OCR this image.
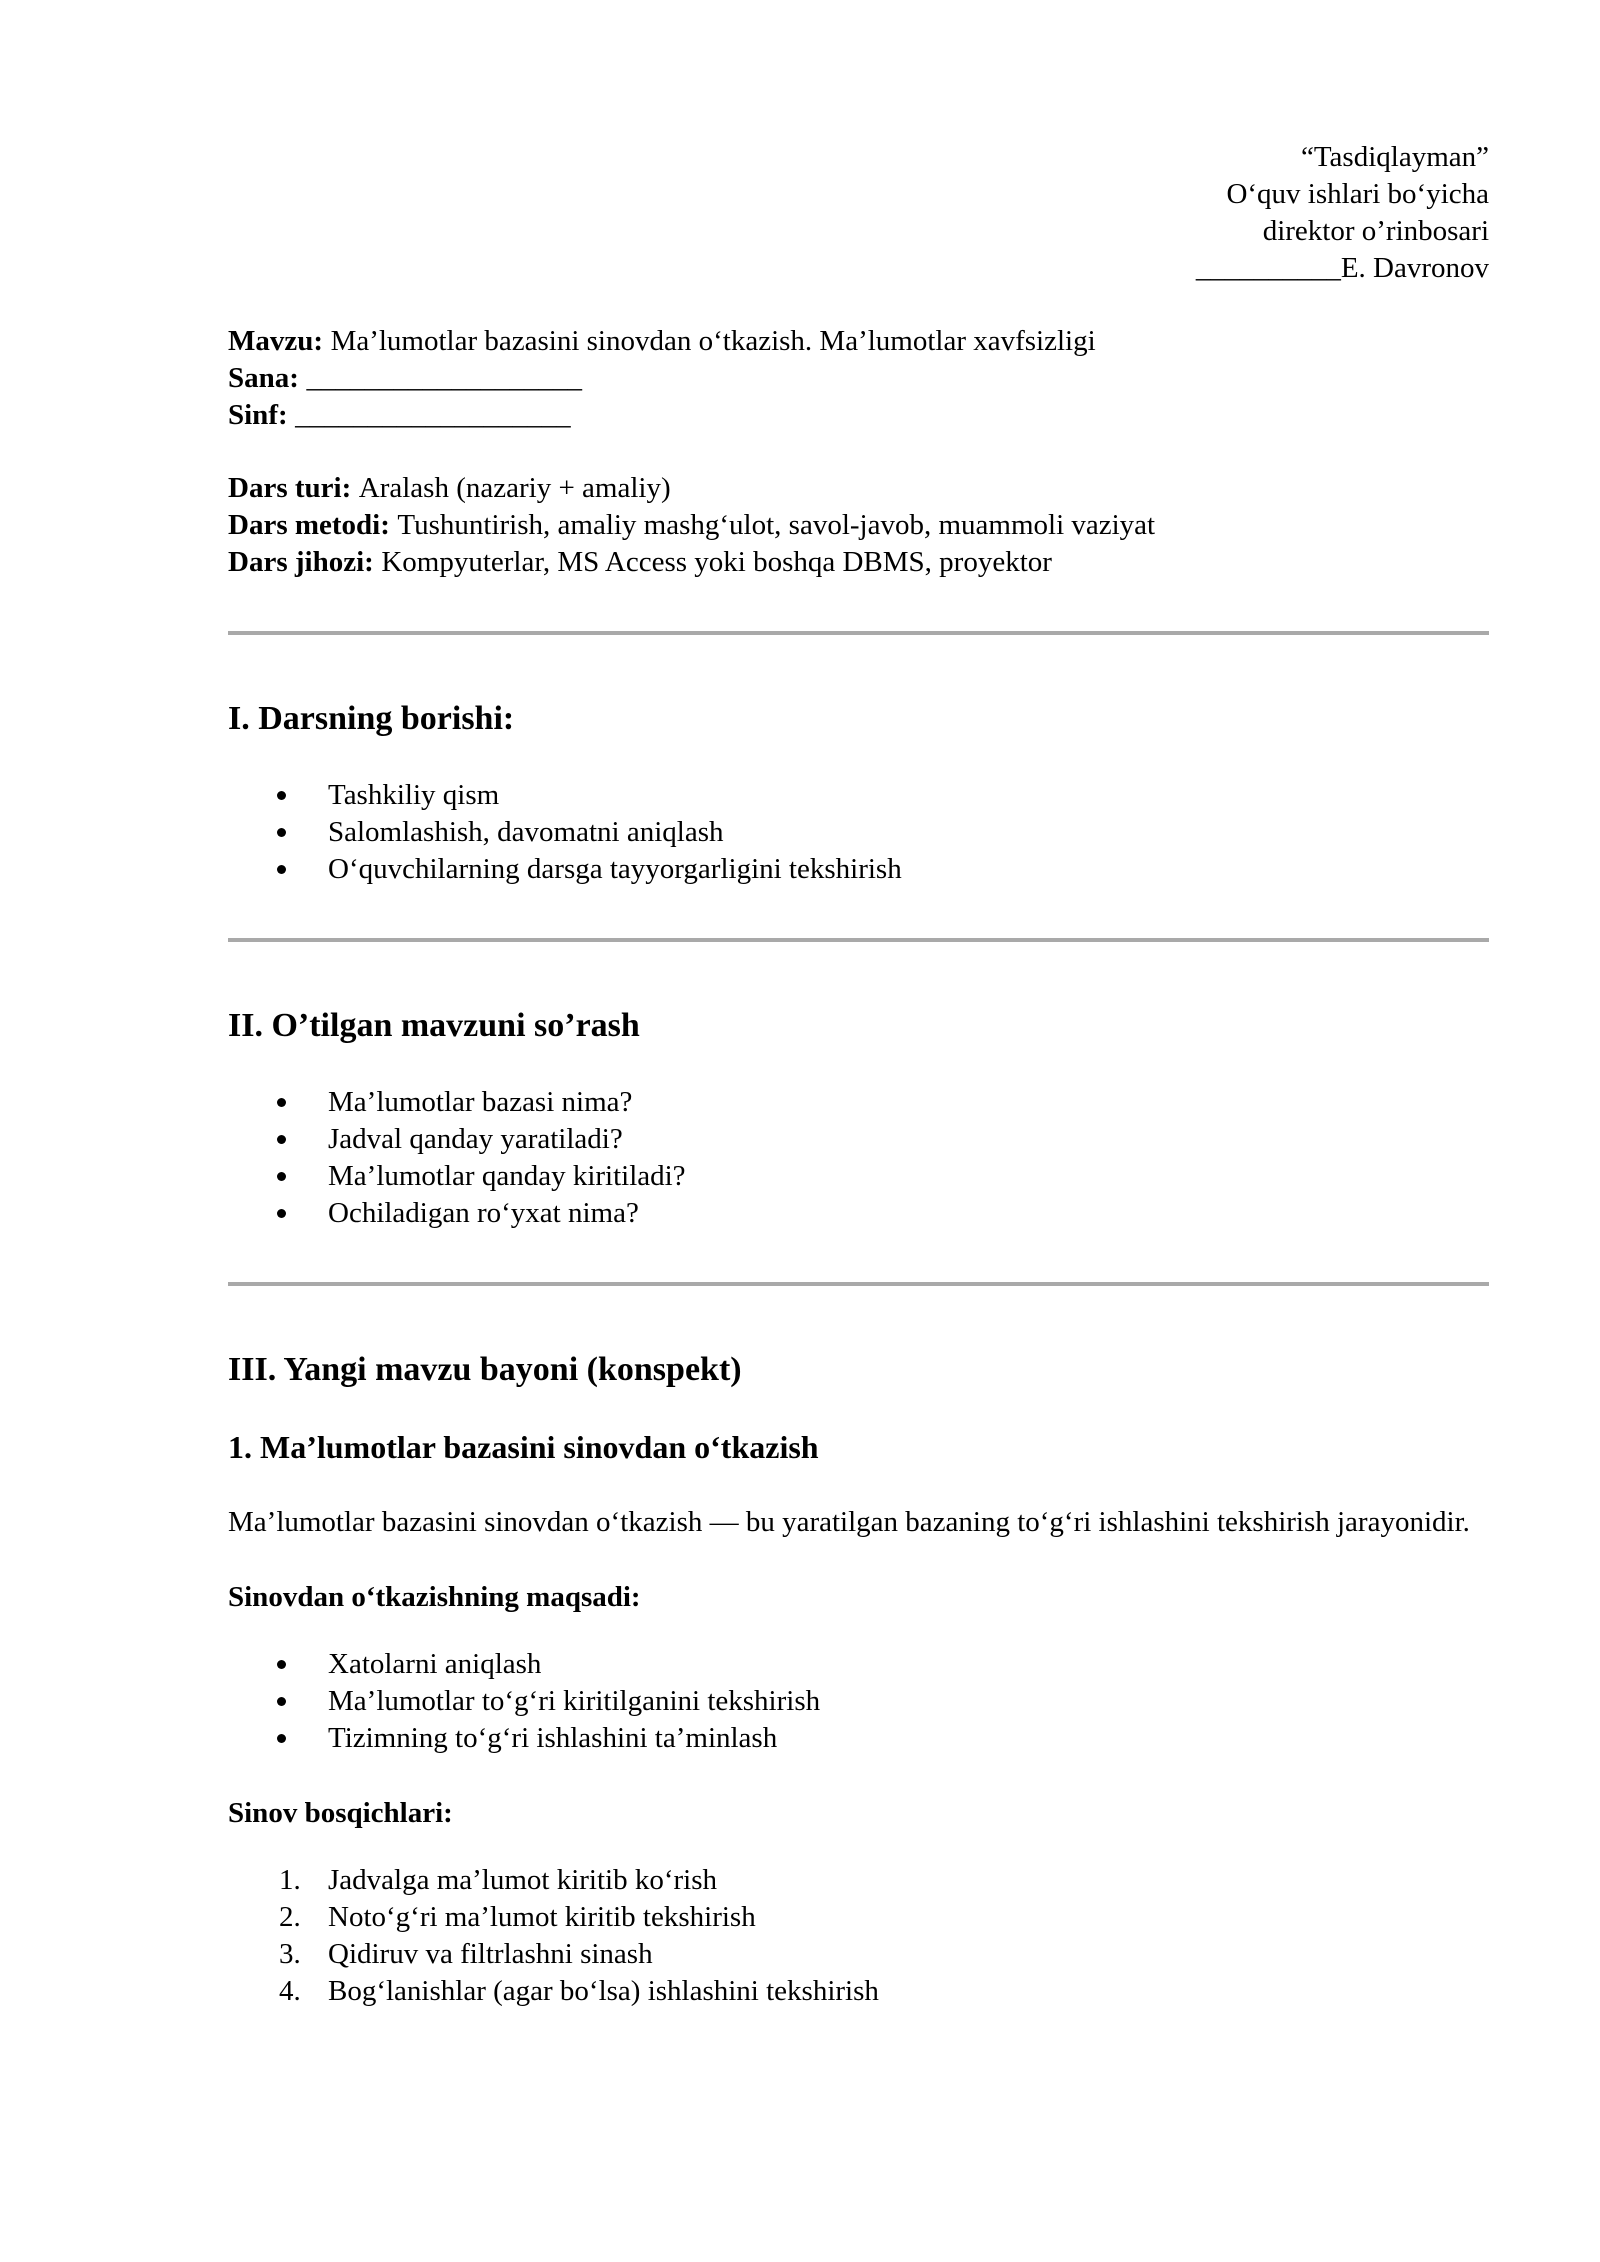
“Tasdiqlayman”
O‘quv ishlari bo‘yicha
direktor o’rinbosari
__________E. Davronov
Mavzu: Ma’lumotlar bazasini sinovdan o‘tkazish. Ma’lumotlar xavfsizligi
Sana: ___________________
Sinf: ___________________
Dars turi: Aralash (nazariy + amaliy)
Dars metodi: Tushuntirish, amaliy mashg‘ulot, savol-javob, muammoli vaziyat
Dars jihozi: Kompyuterlar, MS Access yoki boshqa DBMS, proyektor
I. Darsning borishi:
Tashkiliy qism
Salomlashish, davomatni aniqlash
O‘quvchilarning darsga tayyorgarligini tekshirish
II. O’tilgan mavzuni so’rash
Ma’lumotlar bazasi nima?
Jadval qanday yaratiladi?
Ma’lumotlar qanday kiritiladi?
Ochiladigan ro‘yxat nima?
III. Yangi mavzu bayoni (konspekt)
1. Ma’lumotlar bazasini sinovdan o‘tkazish
Ma’lumotlar bazasini sinovdan o‘tkazish — bu yaratilgan bazaning to‘g‘ri ishlashini tekshirish jarayonidir.
Sinovdan o‘tkazishning maqsadi:
Xatolarni aniqlash
Ma’lumotlar to‘g‘ri kiritilganini tekshirish
Tizimning to‘g‘ri ishlashini ta’minlash
Sinov bosqichlari:
Jadvalga ma’lumot kiritib ko‘rish
Noto‘g‘ri ma’lumot kiritib tekshirish
Qidiruv va filtrlashni sinash
Bog‘lanishlar (agar bo‘lsa) ishlashini tekshirish
